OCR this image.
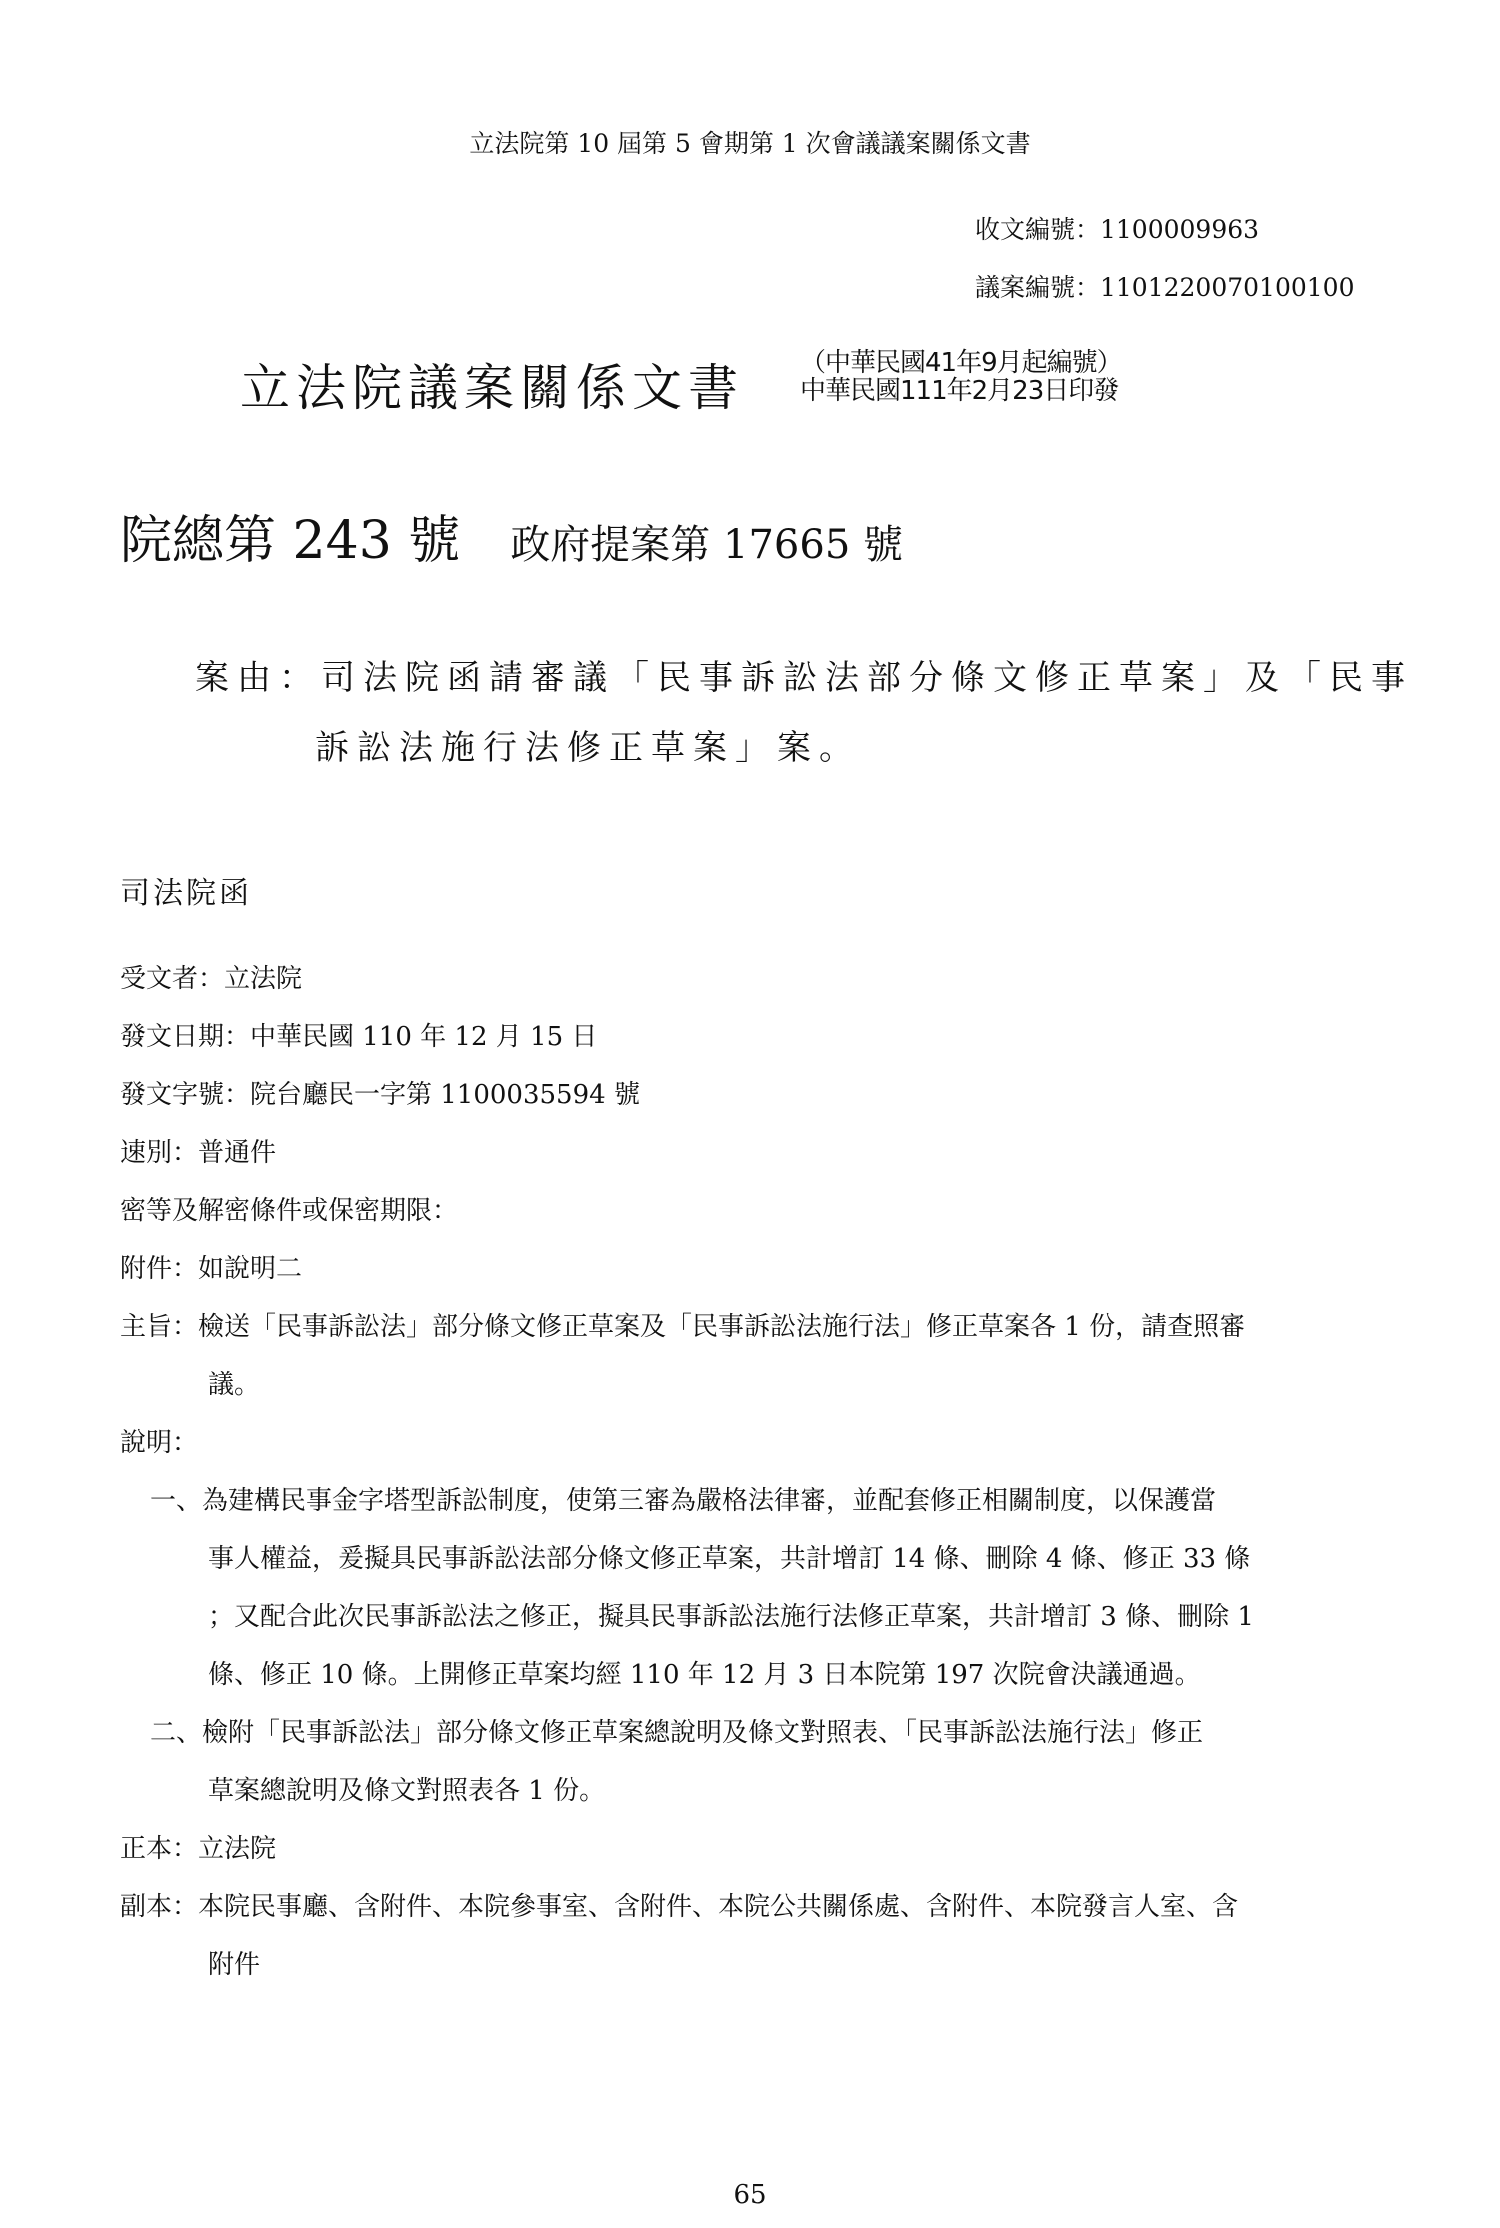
立法院第 10 屆第 5 會期第 1 次會議議案關係文書
收文編號：1100009963
議案編號：1101220070100100
立法院議案關係文書 （中華民國41年9月起編號）
中華民國111年2月23日印發
院總第 243 號 政府提案第 17665 號
案由：司法院函請審議「民事訴訟法部分條文修正草案」及「民事
訴訟法施行法修正草案」案。
司法院函
受文者：立法院
發文日期：中華民國 110 年 12 月 15 日
發文字號：院台廳民一字第 1100035594 號
速別：普通件
密等及解密條件或保密期限：
附件：如說明二
主旨：檢送「民事訴訟法」部分條文修正草案及「民事訴訟法施行法」修正草案各 1 份，請查照審
議。
說明：
一、為建構民事金字塔型訴訟制度，使第三審為嚴格法律審，並配套修正相關制度，以保護當
事人權益，爰擬具民事訴訟法部分條文修正草案，共計增訂 14 條、刪除 4 條、修正 33 條
；又配合此次民事訴訟法之修正，擬具民事訴訟法施行法修正草案，共計增訂 3 條、刪除 1
條、修正 10 條。上開修正草案均經 110 年 12 月 3 日本院第 197 次院會決議通過。
二、檢附「民事訴訟法」部分條文修正草案總說明及條文對照表、「民事訴訟法施行法」修正
草案總說明及條文對照表各 1 份。
正本：立法院
副本：本院民事廳、含附件、本院參事室、含附件、本院公共關係處、含附件、本院發言人室、含
附件
65
